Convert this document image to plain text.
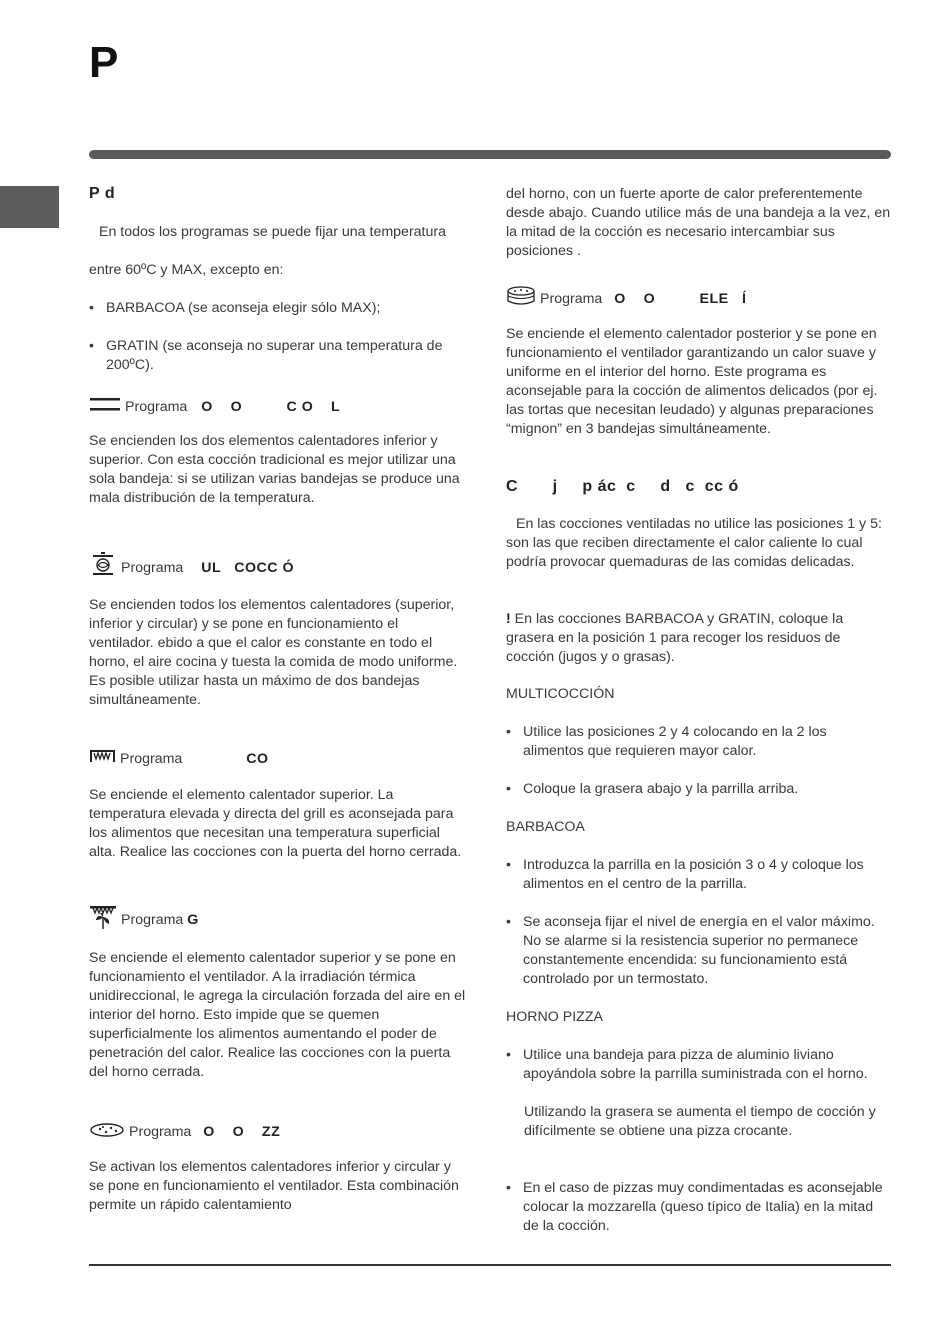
P
P d

En todos los programas se puede fijar una temperatura

entre 60ºC y MAX, excepto en:

• BARBACOA (se aconseja elegir sólo MAX);

• GRATIN (se aconseja no superar una temperatura de 200ºC).

Programa O    O          C O    L

Se encienden los dos elementos calentadores inferior y superior. Con esta cocción tradicional es mejor utilizar una sola bandeja: si se utilizan varias bandejas se produce una mala distribución de la temperatura.

Programa UL   COCC Ó

Se encienden todos los elementos calentadores (superior, inferior y circular) y se pone en funcionamiento el ventilador. ebido a que el calor es constante en todo el horno, el aire cocina y tuesta la comida de modo uniforme. Es posible utilizar hasta un máximo de dos bandejas simultáneamente.

Programa	CO

Se enciende el elemento calentador superior. La temperatura elevada y directa del grill es aconsejada para los alimentos que necesitan una temperatura superficial alta. Realice las cocciones con la puerta del horno cerrada.

Programa G

Se enciende el elemento calentador superior y se pone en funcionamiento el ventilador. A la irradiación térmica unidireccional, le agrega la circulación forzada del aire en el interior del horno. Esto impide que se quemen superficialmente los alimentos aumentando el poder de penetración del calor. Realice las cocciones con la puerta del horno cerrada.

Programa O    O    ZZ

Se activan los elementos calentadores inferior y circular y se pone en funcionamiento el ventilador. Esta combinación permite un rápido calentamiento

del horno, con un fuerte aporte de calor preferentemente desde abajo. Cuando utilice más de una bandeja a la vez, en la mitad de la cocción es necesario intercambiar sus posiciones .

Programa O    O          ELE   Í

Se enciende el elemento calentador posterior y se pone en funcionamiento el ventilador garantizando un calor suave y uniforme en el interior del horno. Este programa es aconsejable para la cocción de alimentos delicados (por ej. las tortas que necesitan leudado) y algunas preparaciones “mignon” en 3 bandejas simultáneamente.

C       j     p ác  c     d   c  cc ó

En las cocciones ventiladas no utilice las posiciones 1 y 5: son las que reciben directamente el calor caliente lo cual podría provocar quemaduras de las comidas delicadas.

! En las cocciones BARBACOA y GRATIN, coloque la grasera en la posición 1 para recoger los residuos de cocción (jugos y o grasas).

MULTICOCCIÓN

• Utilice las posiciones 2 y 4 colocando en la 2 los alimentos que requieren mayor calor.

• Coloque la grasera abajo y la parrilla arriba.

BARBACOA

• Introduzca la parrilla en la posición 3 o 4 y coloque los alimentos en el centro de la parrilla.

• Se aconseja fijar el nivel de energía en el valor máximo. No se alarme si la resistencia superior no permanece constantemente encendida: su funcionamiento está controlado por un termostato.

HORNO PIZZA

• Utilice una bandeja para pizza de aluminio liviano apoyándola sobre la parrilla suministrada con el horno.

Utilizando la grasera se aumenta el tiempo de cocción y difícilmente se obtiene una pizza crocante.

• En el caso de pizzas muy condimentadas es aconsejable colocar la mozzarella (queso típico de Italia) en la mitad de la cocción.
